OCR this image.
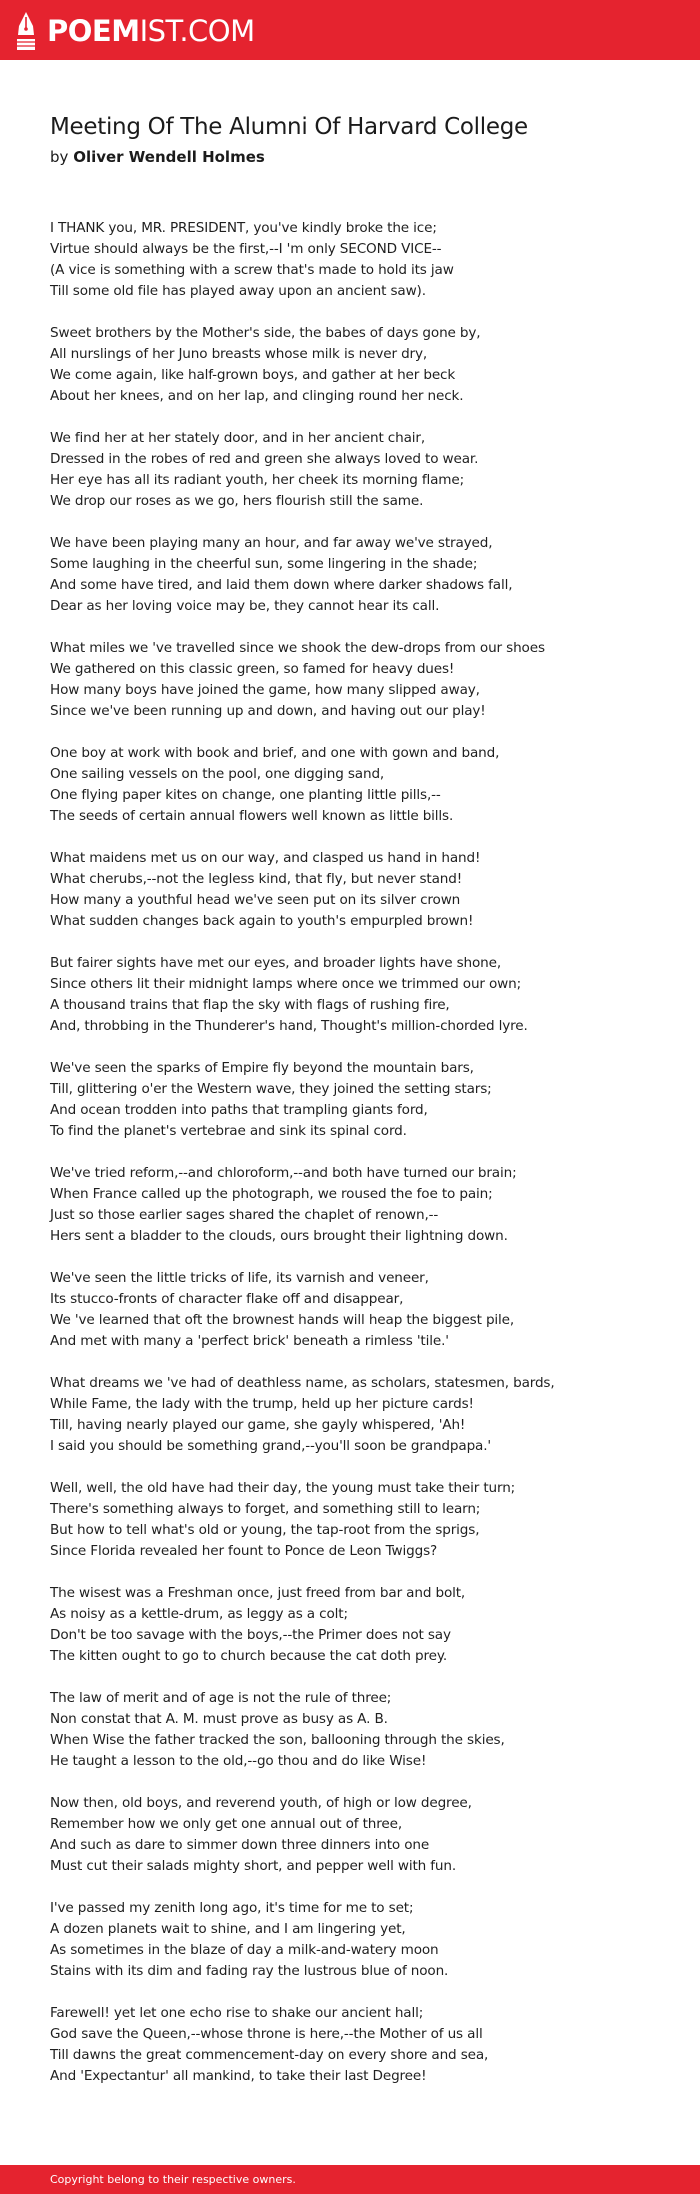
POEMIST.COM
Meeting Of The Alumni Of Harvard College
by Oliver Wendell Holmes
I THANK you, MR. PRESIDENT, you've kindly broke the ice;
Virtue should always be the first,--I 'm only SECOND VICE--
(A vice is something with a screw that's made to hold its jaw
Till some old file has played away upon an ancient saw).
Sweet brothers by the Mother's side, the babes of days gone by,
All nurslings of her Juno breasts whose milk is never dry,
We come again, like half-grown boys, and gather at her beck
About her knees, and on her lap, and clinging round her neck.
We find her at her stately door, and in her ancient chair,
Dressed in the robes of red and green she always loved to wear.
Her eye has all its radiant youth, her cheek its morning flame;
We drop our roses as we go, hers flourish still the same.
We have been playing many an hour, and far away we've strayed,
Some laughing in the cheerful sun, some lingering in the shade;
And some have tired, and laid them down where darker shadows fall,
Dear as her loving voice may be, they cannot hear its call.
What miles we 've travelled since we shook the dew-drops from our shoes
We gathered on this classic green, so famed for heavy dues!
How many boys have joined the game, how many slipped away,
Since we've been running up and down, and having out our play!
One boy at work with book and brief, and one with gown and band,
One sailing vessels on the pool, one digging sand,
One flying paper kites on change, one planting little pills,--
The seeds of certain annual flowers well known as little bills.
What maidens met us on our way, and clasped us hand in hand!
What cherubs,--not the legless kind, that fly, but never stand!
How many a youthful head we've seen put on its silver crown
What sudden changes back again to youth's empurpled brown!
But fairer sights have met our eyes, and broader lights have shone,
Since others lit their midnight lamps where once we trimmed our own;
A thousand trains that flap the sky with flags of rushing fire,
And, throbbing in the Thunderer's hand, Thought's million-chorded lyre.
We've seen the sparks of Empire fly beyond the mountain bars,
Till, glittering o'er the Western wave, they joined the setting stars;
And ocean trodden into paths that trampling giants ford,
To find the planet's vertebrae and sink its spinal cord.
We've tried reform,--and chloroform,--and both have turned our brain;
When France called up the photograph, we roused the foe to pain;
Just so those earlier sages shared the chaplet of renown,--
Hers sent a bladder to the clouds, ours brought their lightning down.
We've seen the little tricks of life, its varnish and veneer,
Its stucco-fronts of character flake off and disappear,
We 've learned that oft the brownest hands will heap the biggest pile,
And met with many a 'perfect brick' beneath a rimless 'tile.'
What dreams we 've had of deathless name, as scholars, statesmen, bards,
While Fame, the lady with the trump, held up her picture cards!
Till, having nearly played our game, she gayly whispered, 'Ah!
I said you should be something grand,--you'll soon be grandpapa.'
Well, well, the old have had their day, the young must take their turn;
There's something always to forget, and something still to learn;
But how to tell what's old or young, the tap-root from the sprigs,
Since Florida revealed her fount to Ponce de Leon Twiggs?
The wisest was a Freshman once, just freed from bar and bolt,
As noisy as a kettle-drum, as leggy as a colt;
Don't be too savage with the boys,--the Primer does not say
The kitten ought to go to church because the cat doth prey.
The law of merit and of age is not the rule of three;
Non constat that A. M. must prove as busy as A. B.
When Wise the father tracked the son, ballooning through the skies,
He taught a lesson to the old,--go thou and do like Wise!
Now then, old boys, and reverend youth, of high or low degree,
Remember how we only get one annual out of three,
And such as dare to simmer down three dinners into one
Must cut their salads mighty short, and pepper well with fun.
I've passed my zenith long ago, it's time for me to set;
A dozen planets wait to shine, and I am lingering yet,
As sometimes in the blaze of day a milk-and-watery moon
Stains with its dim and fading ray the lustrous blue of noon.
Farewell! yet let one echo rise to shake our ancient hall;
God save the Queen,--whose throne is here,--the Mother of us all
Till dawns the great commencement-day on every shore and sea,
And 'Expectantur' all mankind, to take their last Degree!
Copyright belong to their respective owners.
